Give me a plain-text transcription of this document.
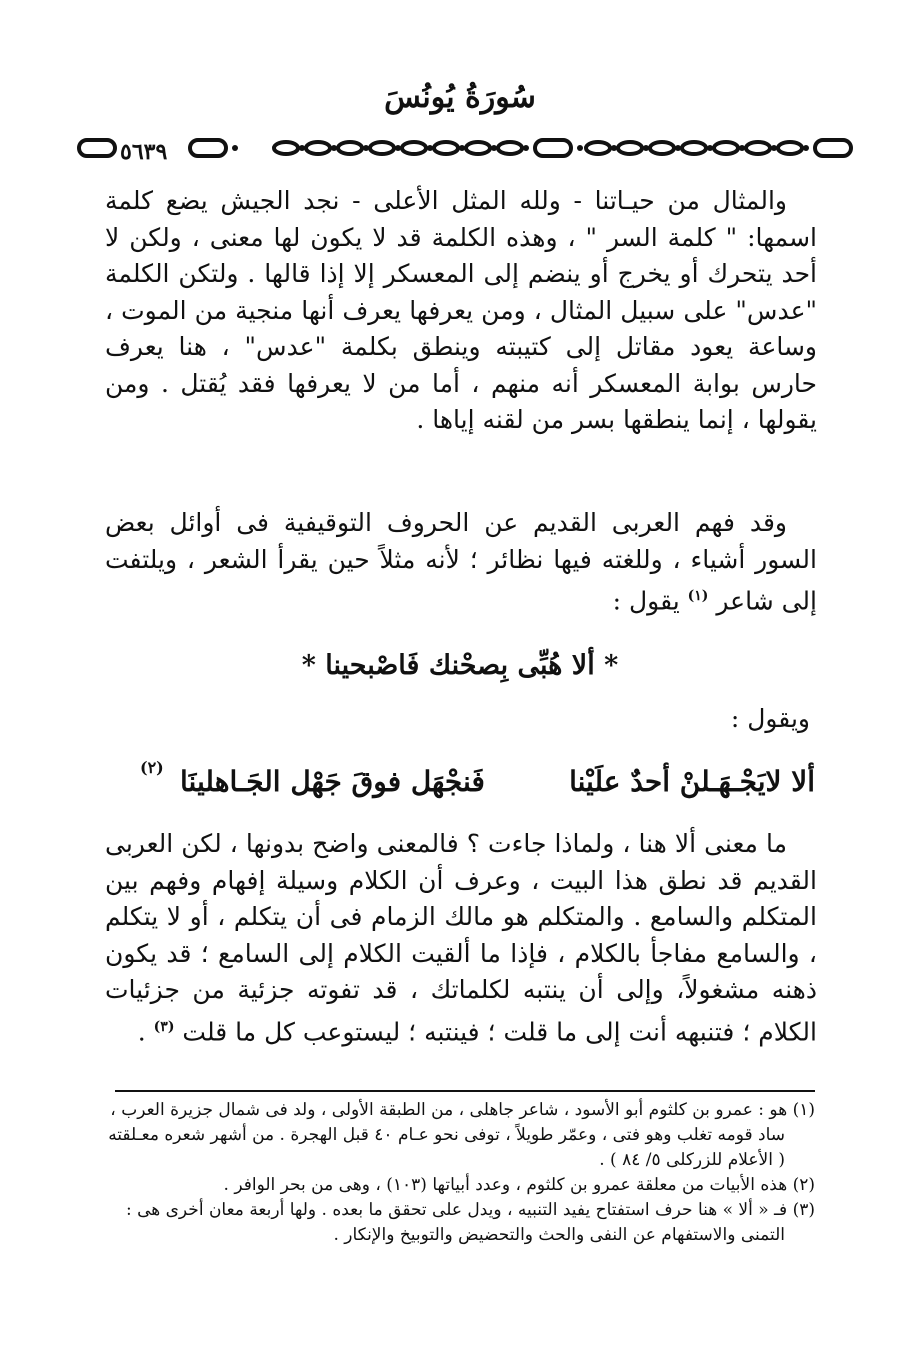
سُورَةُ يُونُسَ
٥٦٣٩
والمثال من حيـاتنا - ولله المثل الأعلى - نجد الجيش يضع كلمة اسمها: " كلمة السر " ، وهذه الكلمة قد لا يكون لها معنى ، ولكن لا أحد يتحرك أو يخرج أو ينضم إلى المعسكر إلا إذا قالها . ولتكن الكلمة "عدس" على سبيل المثال ، ومن يعرفها يعرف أنها منجية من الموت ، وساعة يعود مقاتل إلى كتيبته وينطق بكلمة "عدس" ، هنا يعرف حارس بوابة المعسكر أنه منهم ، أما من لا يعرفها فقد يُقتل . ومن يقولها ، إنما ينطقها بسر من لقنه إياها .
وقد فهم العربى القديم عن الحروف التوقيفية فى أوائل بعض السور أشياء ، وللغته فيها نظائر ؛ لأنه مثلاً حين يقرأ الشعر ، ويلتفت إلى شاعر $^{(١)}$ يقول :
* ألا هُبِّى بِصحْنك فَاصْبحينا *
ويقول :
ألا لايَجْـهَـلنْ أحدٌ علَيْنا
فَنجْهَل فوقَ جَهْل الجَـاهلينَا
(٢)
ما معنى ألا هنا ، ولماذا جاءت ؟ فالمعنى واضح بدونها ، لكن العربى القديم قد نطق هذا البيت ، وعرف أن الكلام وسيلة إفهام وفهم بين المتكلم والسامع . والمتكلم هو مالك الزمام فى أن يتكلم ، أو لا يتكلم ، والسامع مفاجأ بالكلام ، فإذا ما ألقيت الكلام إلى السامع ؛ قد يكون ذهنه مشغولاً، وإلى أن ينتبه لكلماتك ، قد تفوته جزئية من جزئيات الكلام ؛ فتنبهه أنت إلى ما قلت ؛ فينتبه ؛ ليستوعب كل ما قلت $^{(٣)}$ .

(١) هو : عمرو بن كلثوم أبو الأسود ، شاعر جاهلى ، من الطبقة الأولى ، ولد فى شمال جزيرة العرب ،

ساد قومه تغلب وهو فتى ، وعمّر طويلاً ، توفى نحو عـام ٤٠ قبل الهجرة . من أشهر شعره معـلقته

( الأعلام للزركلى ٥/ ٨٤ ) .

(٢) هذه الأبيات من معلقة عمرو بن كلثوم ، وعدد أبياتها (١٠٣) ، وهى من بحر الوافر .

(٣) فـ « ألا » هنا حرف استفتاح يفيد التنبيه ، ويدل على تحقق ما بعده . ولها أربعة معان أخرى هى :

التمنى والاستفهام عن النفى والحث والتحضيض والتوبيخ والإنكار .
